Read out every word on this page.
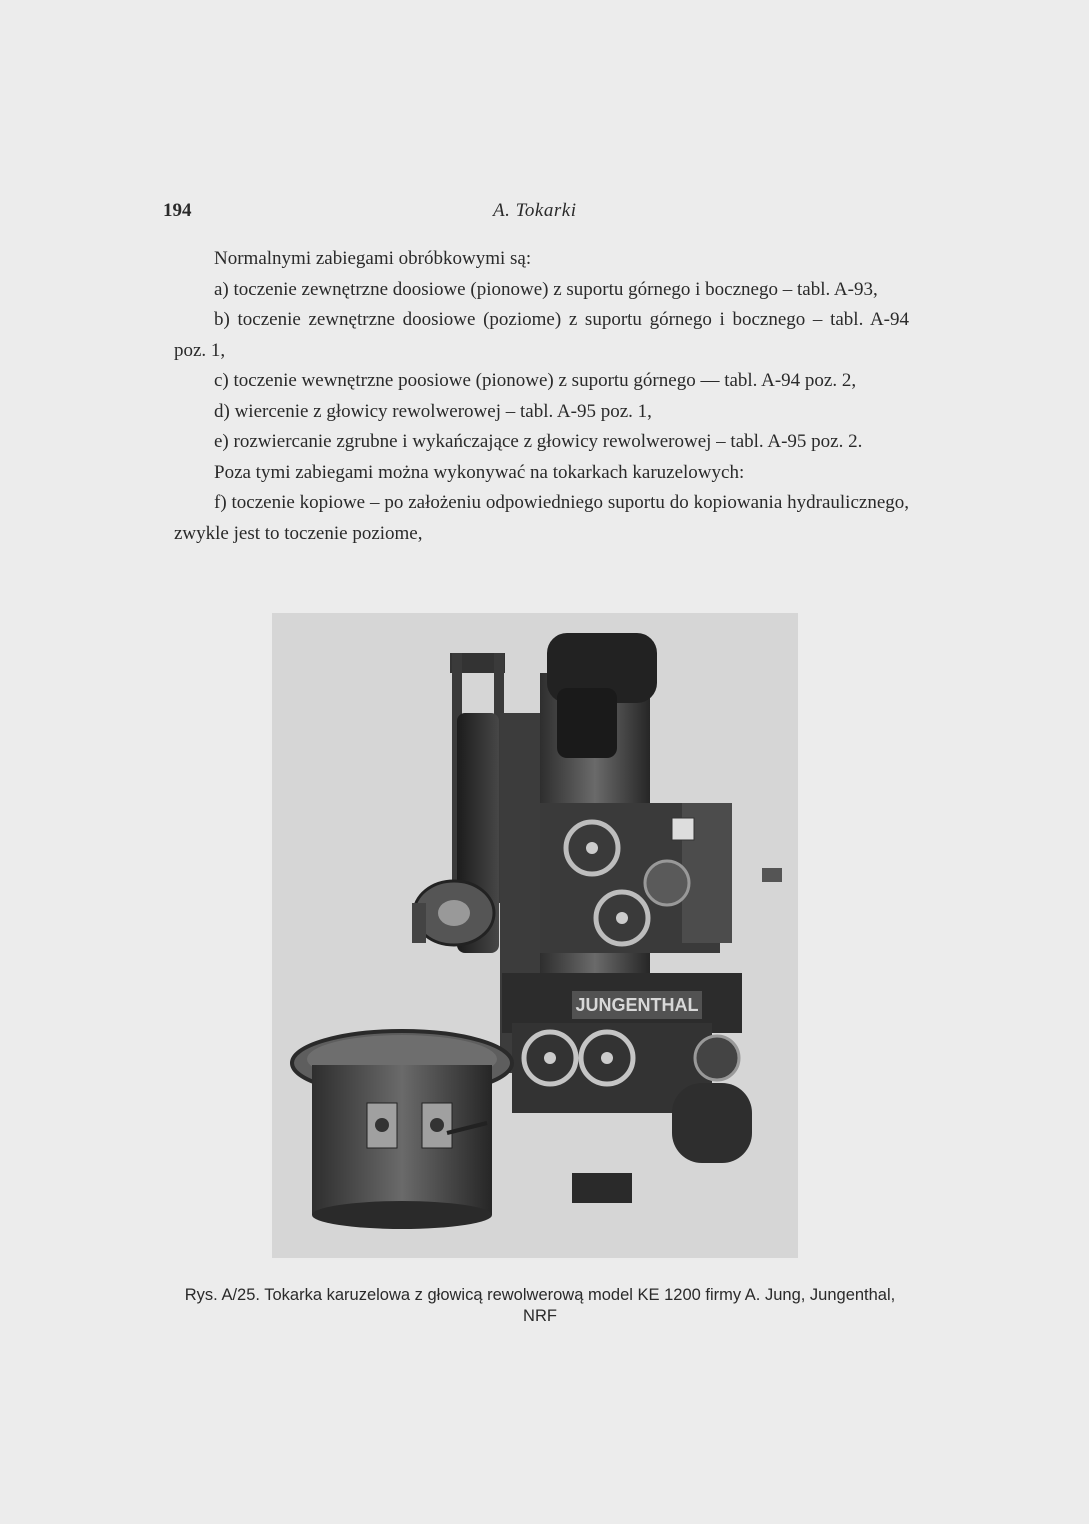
194	A. Tokarki

Normalnymi zabiegami obróbkowymi są:

a) toczenie zewnętrzne doosiowe (pionowe) z suportu górnego i bocznego – tabl. A-93,

b) toczenie zewnętrzne doosiowe (poziome) z suportu górnego i bocznego – tabl. A-94 poz. 1,

c) toczenie wewnętrzne poosiowe (pionowe) z suportu górnego — tabl. A-94 poz. 2,

d) wiercenie z głowicy rewolwerowej – tabl. A-95 poz. 1,

e) rozwiercanie zgrubne i wykańczające z głowicy rewolwerowej – tabl. A-95 poz. 2.

Poza tymi zabiegami można wykonywać na tokarkach karuzelowych:

f) toczenie kopiowe – po założeniu odpowiedniego suportu do kopiowania hydraulicznego, zwykle jest to toczenie poziome,

JUNGENTHAL
Rys. A/25. Tokarka karuzelowa z głowicą rewolwerową model KE 1200 firmy A. Jung, Jungenthal, NRF
